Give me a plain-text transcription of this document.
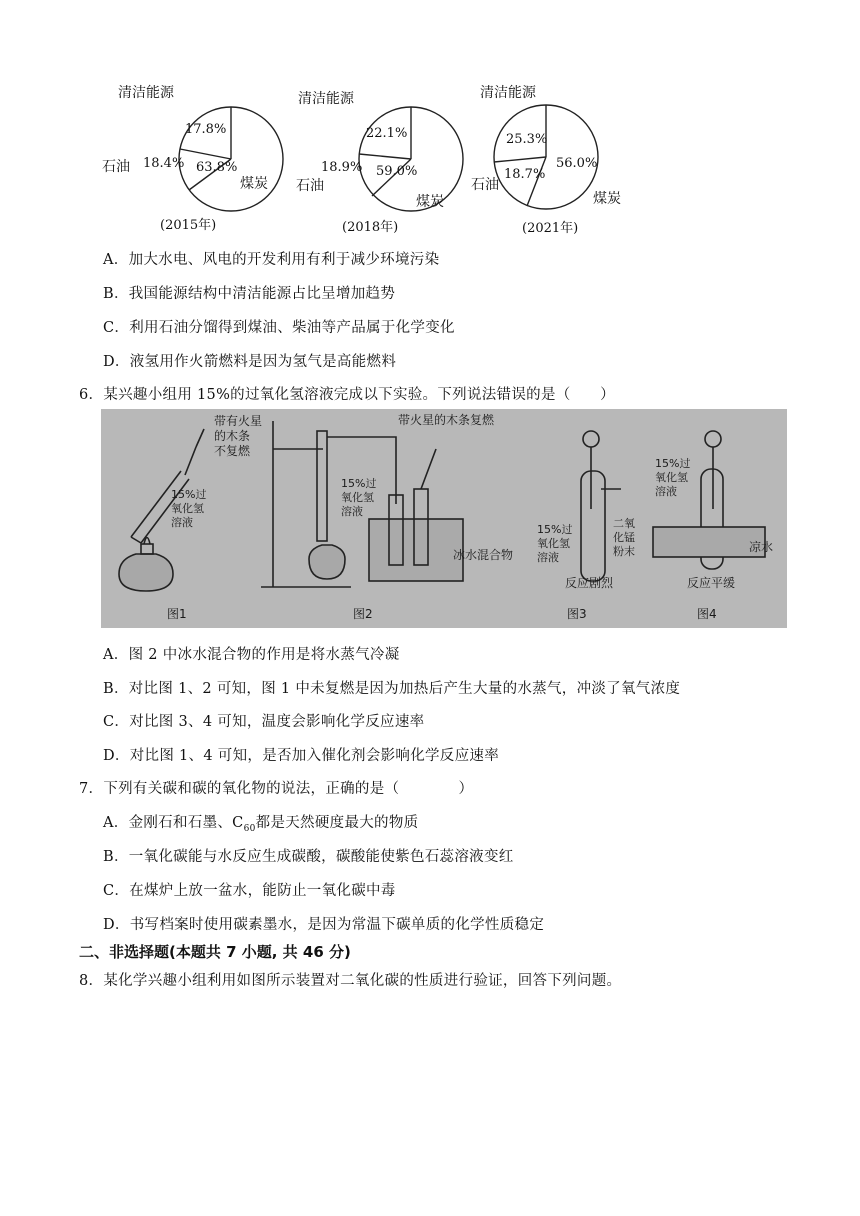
清洁能源
石油
煤炭
17.8%
18.4% 63.8%
(2015年)
清洁能源
石油
煤炭
22.1%
18.9% 59.0%
(2018年)
清洁能源
石油
煤炭
25.3%
18.7%
56.0%
(2021年)
A．加大水电、风电的开发利用有利于减少环境污染
B．我国能源结构中清洁能源占比呈增加趋势
C．利用石油分馏得到煤油、柴油等产品属于化学变化
D．液氢用作火箭燃料是因为氢气是高能燃料
6．某兴趣小组用 15%的过氧化氢溶液完成以下实验。下列说法错误的是（　　）
带有火星
的木条
不复燃
15%过
氧化氢
溶液
图1
带火星的木条复燃
15%过
氧化氢
溶液
冰水混合物
图2
15%过
氧化氢
溶液
二氧
化锰
粉末
反应剧烈
图3
15%过
氧化氢
溶液
凉水
反应平缓
图4
A．图 2 中冰水混合物的作用是将水蒸气冷凝
B．对比图 1、2 可知，图 1 中未复燃是因为加热后产生大量的水蒸气，冲淡了氧气浓度
C．对比图 3、4 可知，温度会影响化学反应速率
D．对比图 1、4 可知，是否加入催化剂会影响化学反应速率
7．下列有关碳和碳的氧化物的说法，正确的是（　　　　）
A．金刚石和石墨、$C_{60}$都是天然硬度最大的物质
B．一氧化碳能与水反应生成碳酸，碳酸能使紫色石蕊溶液变红
C．在煤炉上放一盆水，能防止一氧化碳中毒
D．书写档案时使用碳素墨水，是因为常温下碳单质的化学性质稳定
二、非选择题(本题共 7 小题, 共 46 分)
8．某化学兴趣小组利用如图所示装置对二氧化碳的性质进行验证，回答下列问题。
